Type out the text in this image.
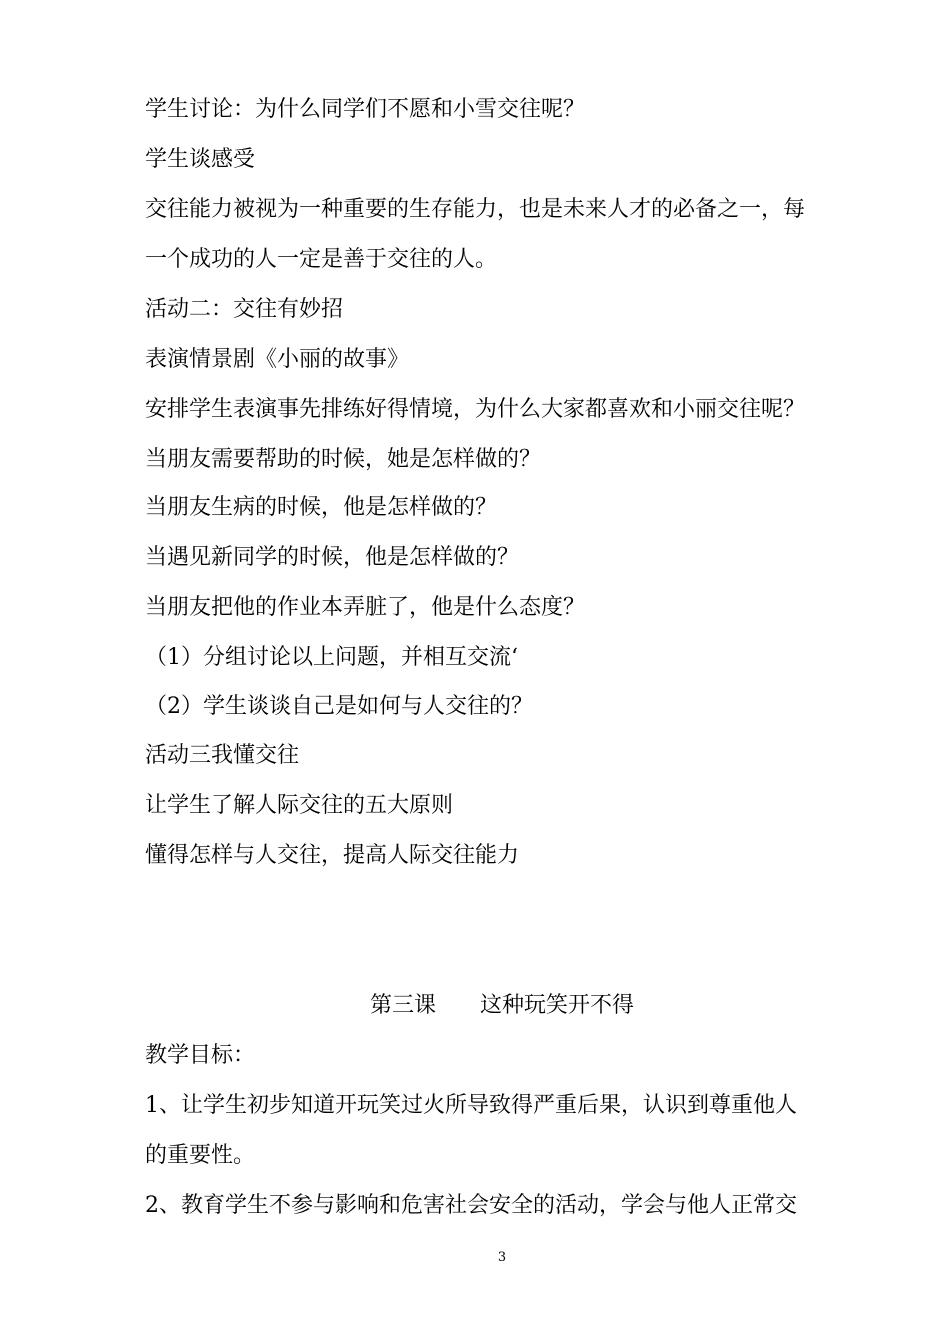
学生讨论：为什么同学们不愿和小雪交往呢？
学生谈感受
交往能力被视为一种重要的生存能力，也是未来人才的必备之一，每
一个成功的人一定是善于交往的人。
活动二：交往有妙招
表演情景剧《小丽的故事》
安排学生表演事先排练好得情境，为什么大家都喜欢和小丽交往呢？
当朋友需要帮助的时候，她是怎样做的？
当朋友生病的时候，他是怎样做的？
当遇见新同学的时候，他是怎样做的？
当朋友把他的作业本弄脏了，他是什么态度？
（1）分组讨论以上问题，并相互交流‘
（2）学生谈谈自己是如何与人交往的？
活动三我懂交往
让学生了解人际交往的五大原则
懂得怎样与人交往，提高人际交往能力
第三课　　这种玩笑开不得
教学目标：
1、让学生初步知道开玩笑过火所导致得严重后果，认识到尊重他人
的重要性。
2、教育学生不参与影响和危害社会安全的活动，学会与他人正常交
3
